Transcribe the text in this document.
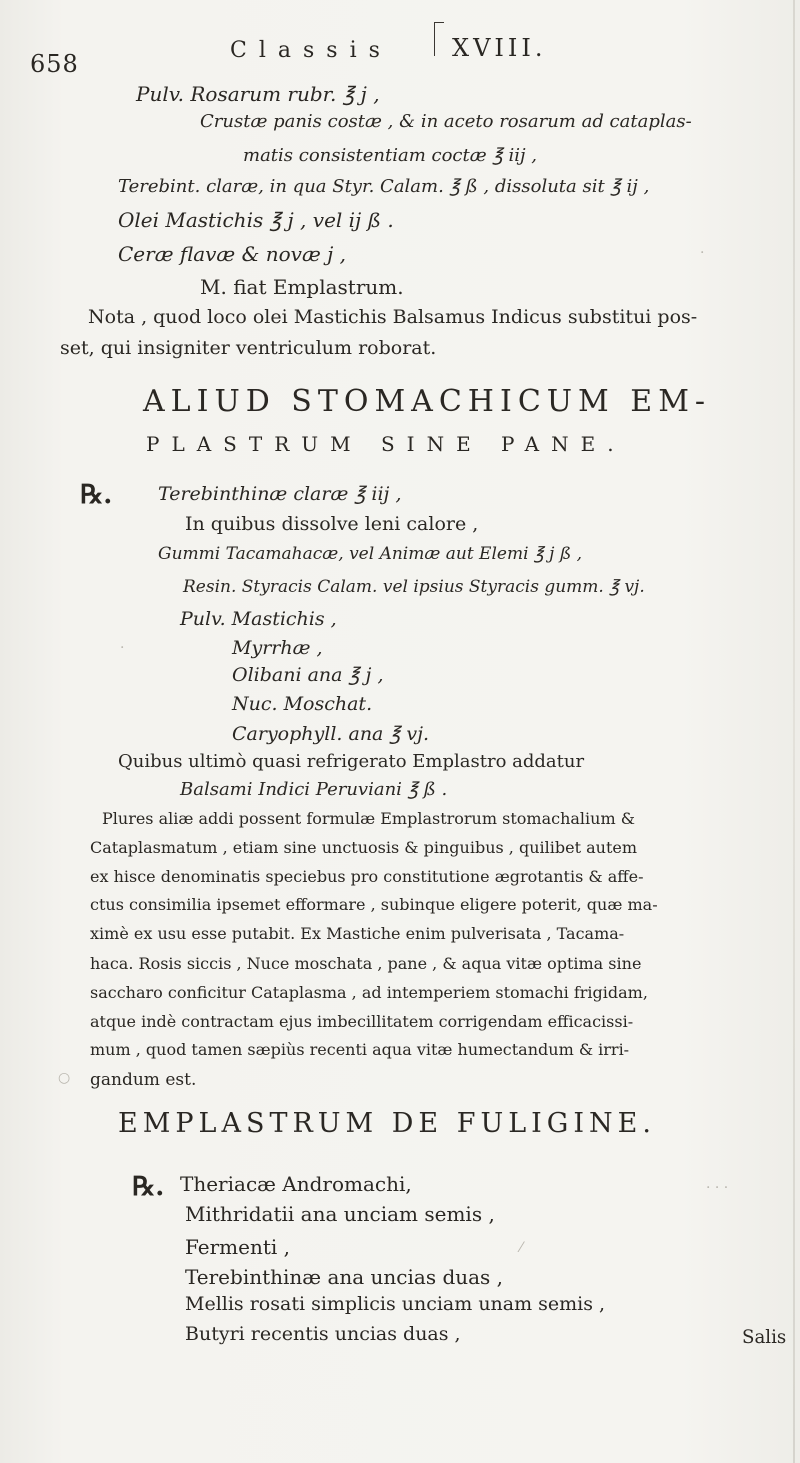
658	Classis	XVIII.
Pulv. Rosarum rubr. ℥ j ,
Crustæ panis costæ , & in aceto rosarum ad cataplas-
matis consistentiam coctæ ℥ iij ,
Terebint. claræ, in qua Styr. Calam. ℥ ß , dissoluta sit ℥ ij ,
Olei Mastichis ℥ j , vel ij ß .
Ceræ flavæ & novæ j ,
M. fiat Emplastrum.
Nota , quod loco olei Mastichis Balsamus Indicus substitui pos-
set, qui insigniter ventriculum roborat.
ALIUD STOMACHICUM EM-
PLASTRUM SINE PANE.
℞. Terebinthinæ claræ ℥ iij ,
In quibus dissolve leni calore ,
Gummi Tacamahacæ, vel Animæ aut Elemi ℥ j ß ,
Resin. Styracis Calam. vel ipsius Styracis gumm. ℥ vj.
Pulv. Mastichis ,
Myrrhæ ,
Olibani ana ℥ j ,
Nuc. Moschat.
Caryophyll. ana ℥ vj.
Quibus ultimò quasi refrigerato Emplastro addatur
Balsami Indici Peruviani ℥ ß .
Plures aliæ addi possent formulæ Emplastrorum stomachalium &
Cataplasmatum , etiam sine unctuosis & pinguibus , quilibet autem
ex hisce denominatis speciebus pro constitutione ægrotantis & affe-
ctus consimilia ipsemet efformare , subinque eligere poterit, quæ ma-
ximè ex usu esse putabit. Ex Mastiche enim pulverisata , Tacama-
haca. Rosis siccis , Nuce moschata , pane , & aqua vitæ optima sine
saccharo conficitur Cataplasma , ad intemperiem stomachi frigidam,
atque indè contractam ejus imbecillitatem corrigendam efficacissi-
mum , quod tamen sæpiùs recenti aqua vitæ humectandum & irri-
gandum est.
EMPLASTRUM DE FULIGINE.
℞. Theriacæ Andromachi,
Mithridatii ana unciam semis ,
Fermenti ,
Terebinthinæ ana uncias duas ,
Mellis rosati simplicis unciam unam semis ,
Butyri recentis uncias duas ,	Salis
·
·
· · ·
⁄
○
